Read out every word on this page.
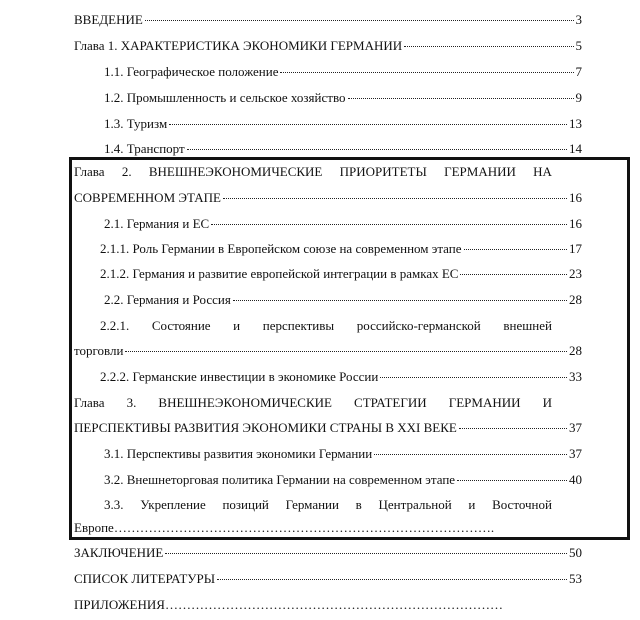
ВВЕДЕНИЕ	3
Глава 1. ХАРАКТЕРИСТИКА ЭКОНОМИКИ ГЕРМАНИИ	5
1.1. Географическое положение	7
1.2. Промышленность и сельское хозяйство	9
1.3. Туризм	13
1.4. Транспорт	14
Глава 2. ВНЕШНЕЭКОНОМИЧЕСКИЕ ПРИОРИТЕТЫ ГЕРМАНИИ НА
СОВРЕМЕННОМ ЭТАПЕ	16
2.1. Германия и ЕС	16
2.1.1. Роль Германии в Европейском союзе на современном этапе	17
2.1.2. Германия и развитие европейской интеграции в рамках ЕС	23
2.2. Германия и Россия	28
2.2.1. Состояние и перспективы российско-германской внешней
торговли	28
2.2.2. Германские инвестиции в экономике России	33
Глава 3. ВНЕШНЕЭКОНОМИЧЕСКИЕ СТРАТЕГИИ ГЕРМАНИИ И
ПЕРСПЕКТИВЫ РАЗВИТИЯ ЭКОНОМИКИ СТРАНЫ В XXI ВЕКЕ	37
3.1. Перспективы развития экономики Германии	37
3.2. Внешнеторговая политика Германии на современном этапе	40
3.3. Укрепление позиций Германии в Центральной и Восточной
Европе…………………………………………………………………………….
ЗАКЛЮЧЕНИЕ	50
СПИСОК ЛИТЕРАТУРЫ	53
ПРИЛОЖЕНИЯ……………………………………………………………………
